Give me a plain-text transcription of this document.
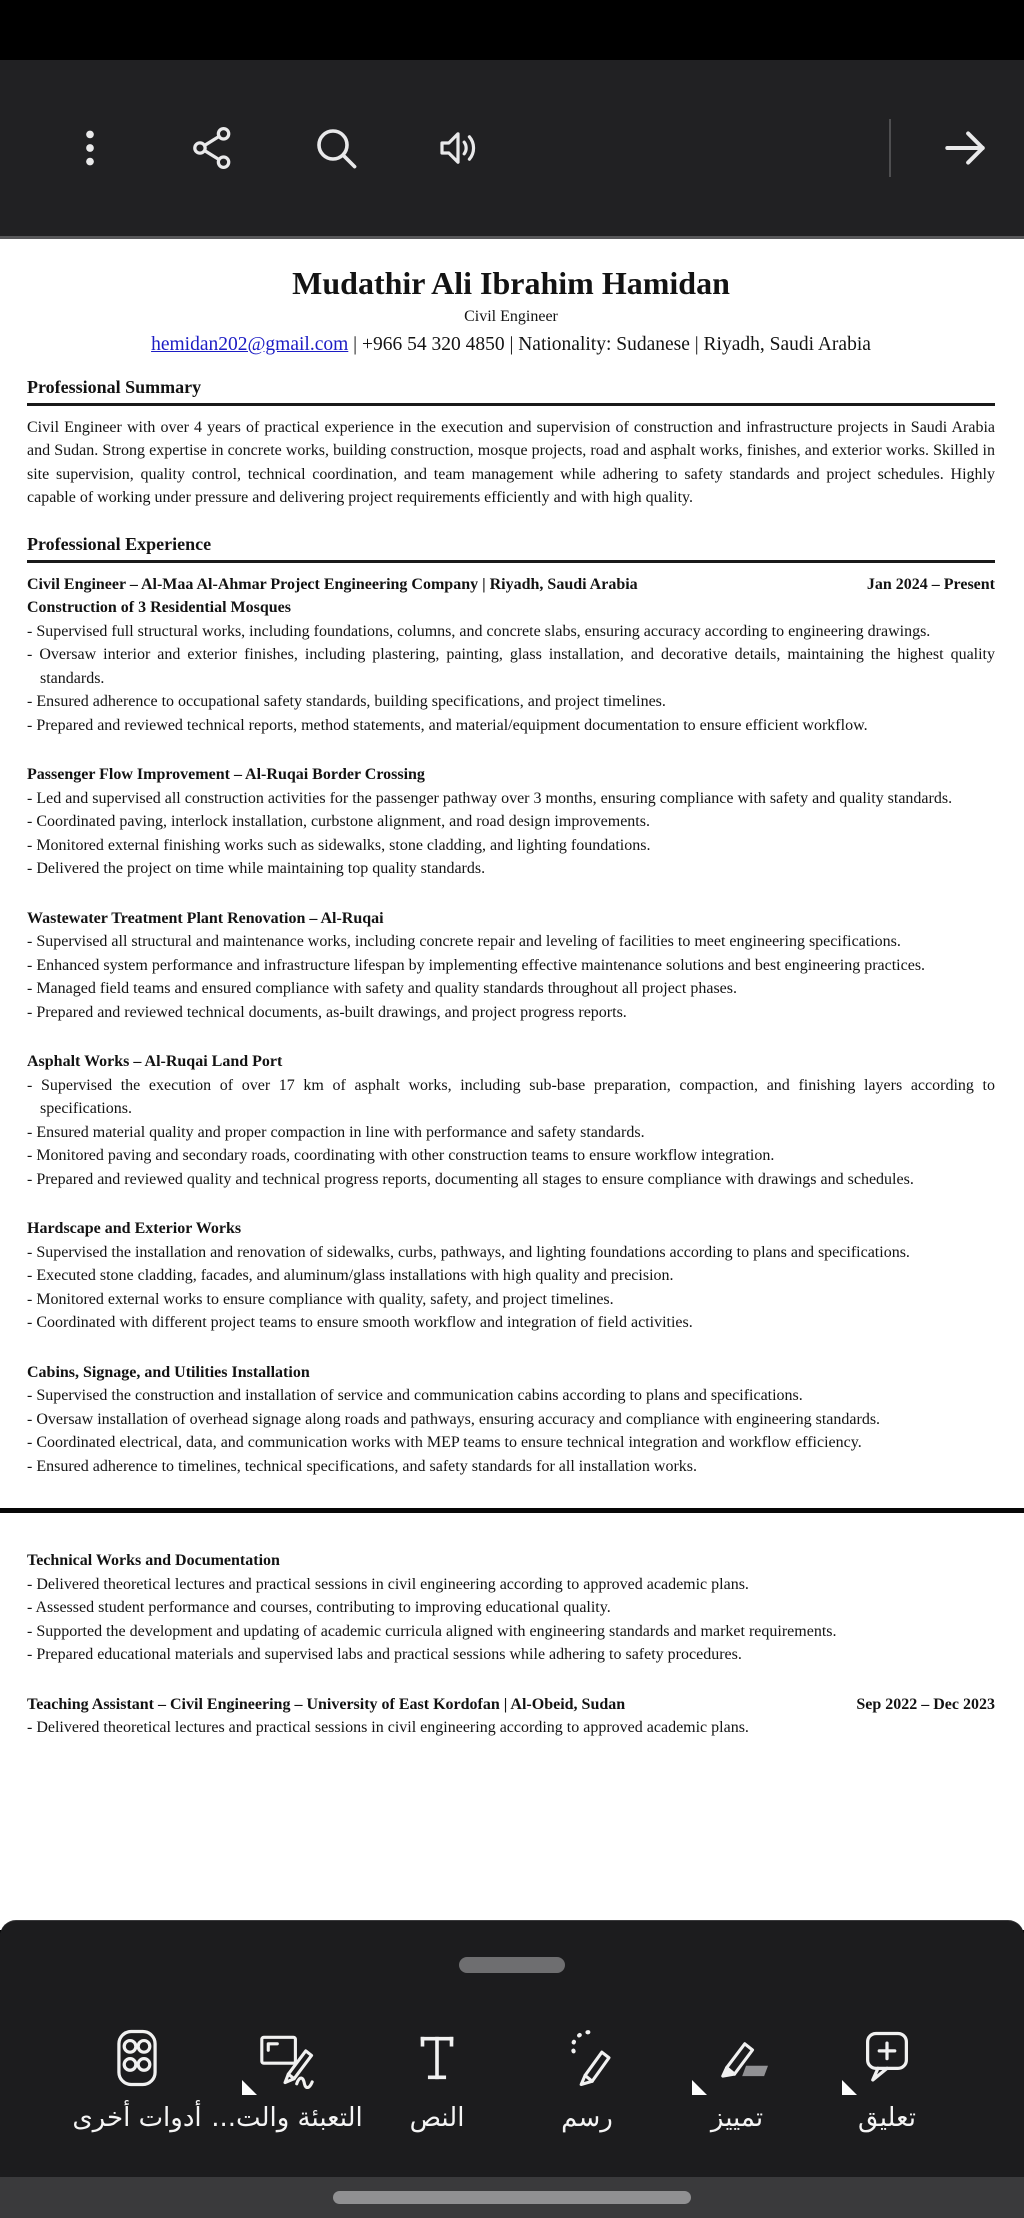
Mudathir Ali Ibrahim Hamidan
Civil Engineer
hemidan202@gmail.com | +966 54 320 4850 | Nationality: Sudanese | Riyadh, Saudi Arabia
Professional Summary

Civil Engineer with over 4 years of practical experience in the execution and supervision of construction and infrastructure projects in Saudi Arabia and Sudan. Strong expertise in concrete works, building construction, mosque projects, road and asphalt works, finishes, and exterior works. Skilled in site supervision, quality control, technical coordination, and team management while adhering to safety standards and project schedules. Highly capable of working under pressure and delivering project requirements efficiently and with high quality.

Professional Experience
Civil Engineer – Al-Maa Al-Ahmar Project Engineering Company | Riyadh, Saudi Arabia	Jan 2024 – Present
Construction of 3 Residential Mosques

- Supervised full structural works, including foundations, columns, and concrete slabs, ensuring accuracy according to engineering drawings.

- Oversaw interior and exterior finishes, including plastering, painting, glass installation, and decorative details, maintaining the highest quality standards.

- Ensured adherence to occupational safety standards, building specifications, and project timelines.

- Prepared and reviewed technical reports, method statements, and material/equipment documentation to ensure efficient workflow.

Passenger Flow Improvement – Al-Ruqai Border Crossing

- Led and supervised all construction activities for the passenger pathway over 3 months, ensuring compliance with safety and quality standards.

- Coordinated paving, interlock installation, curbstone alignment, and road design improvements.

- Monitored external finishing works such as sidewalks, stone cladding, and lighting foundations.

- Delivered the project on time while maintaining top quality standards.

Wastewater Treatment Plant Renovation – Al-Ruqai

- Supervised all structural and maintenance works, including concrete repair and leveling of facilities to meet engineering specifications.

- Enhanced system performance and infrastructure lifespan by implementing effective maintenance solutions and best engineering practices.

- Managed field teams and ensured compliance with safety and quality standards throughout all project phases.

- Prepared and reviewed technical documents, as-built drawings, and project progress reports.

Asphalt Works – Al-Ruqai Land Port

- Supervised the execution of over 17 km of asphalt works, including sub-base preparation, compaction, and finishing layers according to specifications.

- Ensured material quality and proper compaction in line with performance and safety standards.

- Monitored paving and secondary roads, coordinating with other construction teams to ensure workflow integration.

- Prepared and reviewed quality and technical progress reports, documenting all stages to ensure compliance with drawings and schedules.

Hardscape and Exterior Works

- Supervised the installation and renovation of sidewalks, curbs, pathways, and lighting foundations according to plans and specifications.

- Executed stone cladding, facades, and aluminum/glass installations with high quality and precision.

- Monitored external works to ensure compliance with quality, safety, and project timelines.

- Coordinated with different project teams to ensure smooth workflow and integration of field activities.

Cabins, Signage, and Utilities Installation

- Supervised the construction and installation of service and communication cabins according to plans and specifications.

- Oversaw installation of overhead signage along roads and pathways, ensuring accuracy and compliance with engineering standards.

- Coordinated electrical, data, and communication works with MEP teams to ensure technical integration and workflow efficiency.

- Ensured adherence to timelines, technical specifications, and safety standards for all installation works.

Technical Works and Documentation

- Delivered theoretical lectures and practical sessions in civil engineering according to approved academic plans.

- Assessed student performance and courses, contributing to improving educational quality.

- Supported the development and updating of academic curricula aligned with engineering standards and market requirements.

- Prepared educational materials and supervised labs and practical sessions while adhering to safety procedures.

Teaching Assistant – Civil Engineering – University of East Kordofan | Al-Obeid, Sudan	Sep 2022 – Dec 2023

- Delivered theoretical lectures and practical sessions in civil engineering according to approved academic plans.

أدوات أخرى التعبئة والت... النص	رسم	تمييز	تعليق
